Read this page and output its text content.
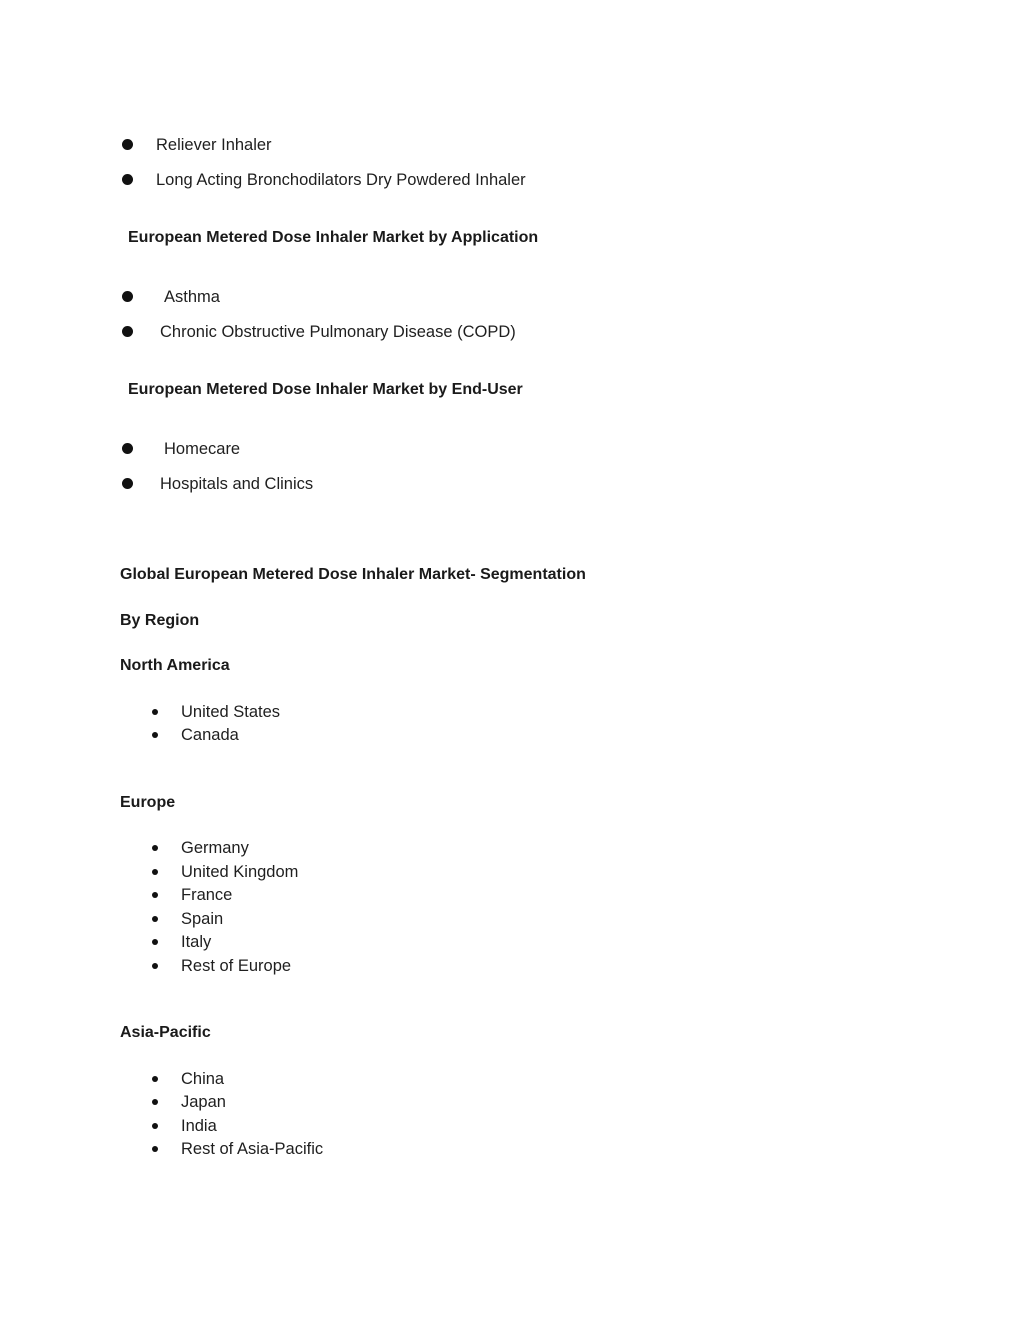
Reliever Inhaler
Long Acting Bronchodilators Dry Powdered Inhaler
European Metered Dose Inhaler Market by Application
Asthma
Chronic Obstructive Pulmonary Disease (COPD)
European Metered Dose Inhaler Market by End-User
Homecare
Hospitals and Clinics
Global European Metered Dose Inhaler Market- Segmentation
By Region
North America
United States
Canada
Europe
Germany
United Kingdom
France
Spain
Italy
Rest of Europe
Asia-Pacific
China
Japan
India
Rest of Asia-Pacific
